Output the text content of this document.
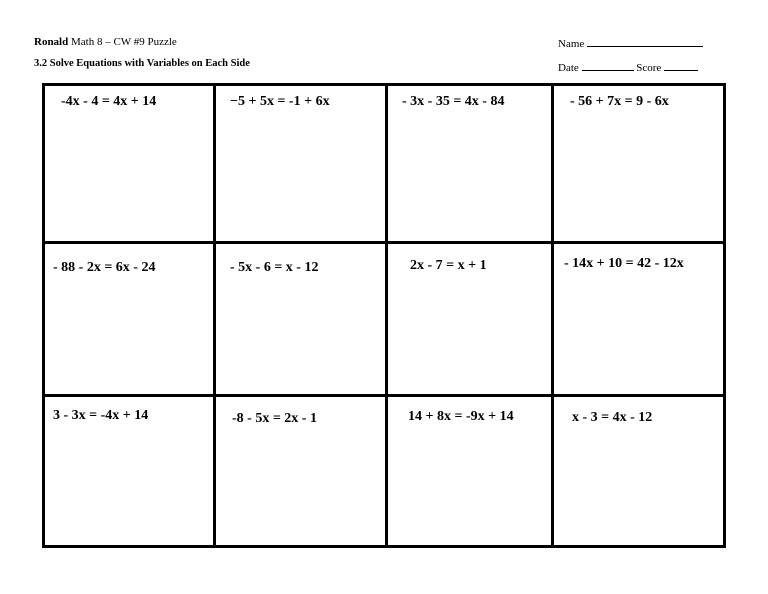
Ronald Math 8 – CW #9 Puzzle
3.2 Solve Equations with Variables on Each Side
Name
Date	Score
-4x - 4 = 4x + 14	−5 + 5x = -1 + 6x	- 3x - 35 = 4x - 84	- 56 + 7x = 9 - 6x
- 88 - 2x = 6x - 24	- 5x - 6 = x - 12	2x - 7 = x + 1	- 14x + 10 = 42 - 12x
3 - 3x = -4x + 14	-8 - 5x = 2x - 1	14 + 8x = -9x + 14	x - 3 = 4x - 12
